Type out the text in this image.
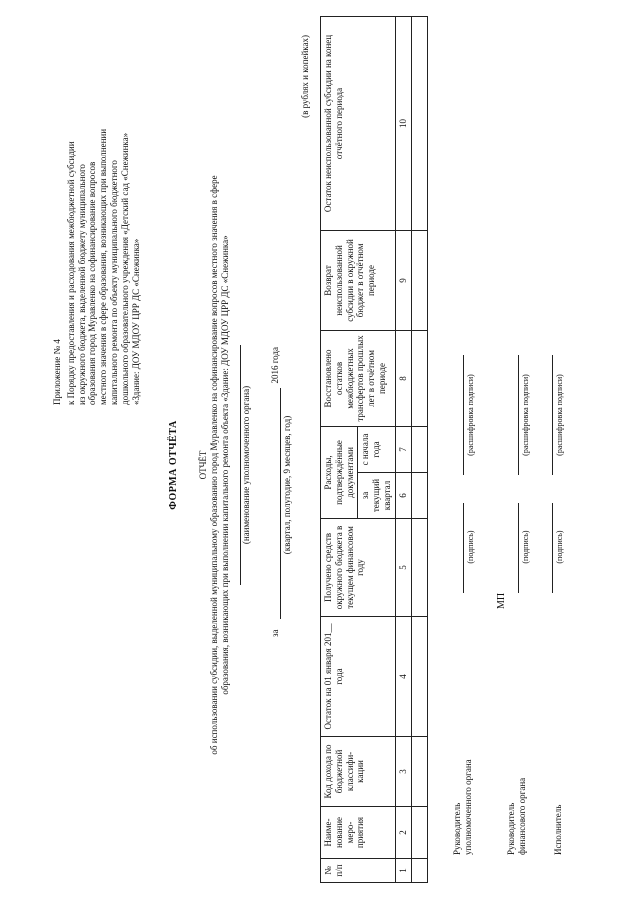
Приложение № 4 к Порядку предоставления и расходования межбюджетной субсидии из окружного бюджета, выделенной бюджету муниципального образования город Муравленко на софинансирование вопросов местного значения в сфере образования, возникающих при выполнении капитального ремонта по объекту муниципального бюджетного дошкольного образовательного учреждения «Детский сад «Снежинка» «Здание: ДОУ МДОУ ЦРР ДС «Снежинка»
ФОРМА ОТЧЁТА ОТЧЁТ об использовании субсидии, выделенной муниципальному образованию город Муравленко на софинансирование вопросов местного значения в сфере образования, возникающих при выполнении капитального ремонта объекта «Здание: ДОУ МДОУ ЦРР ДС «Снежинка» (наименование уполномоченного органа)
за
2016 года
(квартал, полугодие, 9 месяцев, год)
(в рублях и копейках)
№ п/п	Наиме- нование меро- приятия	Код дохода по бюджетной классифи- кации	Остаток на 01 января 201__ года	Получено средств окружного бюджета в текущем финансовом году	Расходы, подтверждённые документами		Восстановлено остатков межбюджетных трансфертов прошлых лет в отчётном периоде	Возврат неиспользованной субсидии в окружной бюджет в отчётном периоде	Остаток неиспользованной субсидии на конец отчётного периода
					за текущий квартал	с начала года			
1	2	3	4	5	6	7	8	9	10

МП
Руководитель уполномоченного органа
(подпись)
(расшифровка подписи)
Руководитель финансового органа
(подпись)
(расшифровка подписи)
Исполнитель
(подпись)
(расшифровка подписи)
